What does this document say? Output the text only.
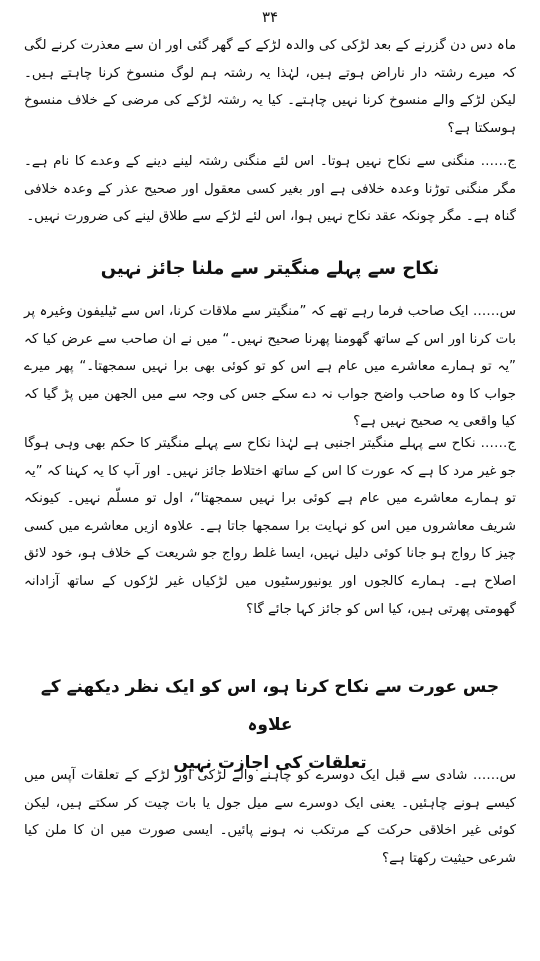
۳۴

ماہ دس دن گزرنے کے بعد لڑکی کی والدہ لڑکے کے گھر گئی اور ان سے معذرت کرنے لگی کہ میرے رشتہ دار ناراض ہوتے ہیں، لہٰذا یہ رشتہ ہم لوگ منسوخ کرنا چاہتے ہیں۔ لیکن لڑکے والے منسوخ کرنا نہیں چاہتے۔ کیا یہ رشتہ لڑکے کی مرضی کے خلاف منسوخ ہوسکتا ہے؟

ج…… منگنی سے نکاح نہیں ہوتا۔ اس لئے منگنی رشتہ لینے دینے کے وعدے کا نام ہے۔ مگر منگنی توڑنا وعدہ خلافی ہے اور بغیر کسی معقول اور صحیح عذر کے وعدہ خلافی گناہ ہے۔ مگر چونکہ عقد نکاح نہیں ہوا، اس لئے لڑکے سے طلاق لینے کی ضرورت نہیں۔

نکاح سے پہلے منگیتر سے ملنا جائز نہیں

س…… ایک صاحب فرما رہے تھے کہ ”منگیتر سے ملاقات کرنا، اس سے ٹیلیفون وغیرہ پر بات کرنا اور اس کے ساتھ گھومنا پھرنا صحیح نہیں۔“ میں نے ان صاحب سے عرض کیا کہ ”یہ تو ہمارے معاشرے میں عام ہے اس کو تو کوئی بھی برا نہیں سمجھتا۔“ پھر میرے جواب کا وہ صاحب واضح جواب نہ دے سکے جس کی وجہ سے میں الجھن میں پڑ گیا کہ کیا واقعی یہ صحیح نہیں ہے؟

ج…… نکاح سے پہلے منگیتر اجنبی ہے لہٰذا نکاح سے پہلے منگیتر کا حکم بھی وہی ہوگا جو غیر مرد کا ہے کہ عورت کا اس کے ساتھ اختلاط جائز نہیں۔ اور آپ کا یہ کہنا کہ ”یہ تو ہمارے معاشرے میں عام ہے کوئی برا نہیں سمجھتا“، اول تو مسلّم نہیں۔ کیونکہ شریف معاشروں میں اس کو نہایت برا سمجھا جاتا ہے۔ علاوہ ازیں معاشرے میں کسی چیز کا رواج ہو جانا کوئی دلیل نہیں، ایسا غلط رواج جو شریعت کے خلاف ہو، خود لائق اصلاح ہے۔ ہمارے کالجوں اور یونیورسٹیوں میں لڑکیاں غیر لڑکوں کے ساتھ آزادانہ گھومتی پھرتی ہیں، کیا اس کو جائز کہا جائے گا؟

جس عورت سے نکاح کرنا ہو، اس کو ایک نظر دیکھنے کے علاوہ
تعلقات کی اجازت نہیں

س…… شادی سے قبل ایک دوسرے کو چاہنے والے لڑکی اور لڑکے کے تعلقات آپس میں کیسے ہونے چاہئیں۔ یعنی ایک دوسرے سے میل جول یا بات چیت کر سکتے ہیں، لیکن کوئی غیر اخلاقی حرکت کے مرتکب نہ ہونے پائیں۔ ایسی صورت میں ان کا ملن کیا شرعی حیثیت رکھتا ہے؟
